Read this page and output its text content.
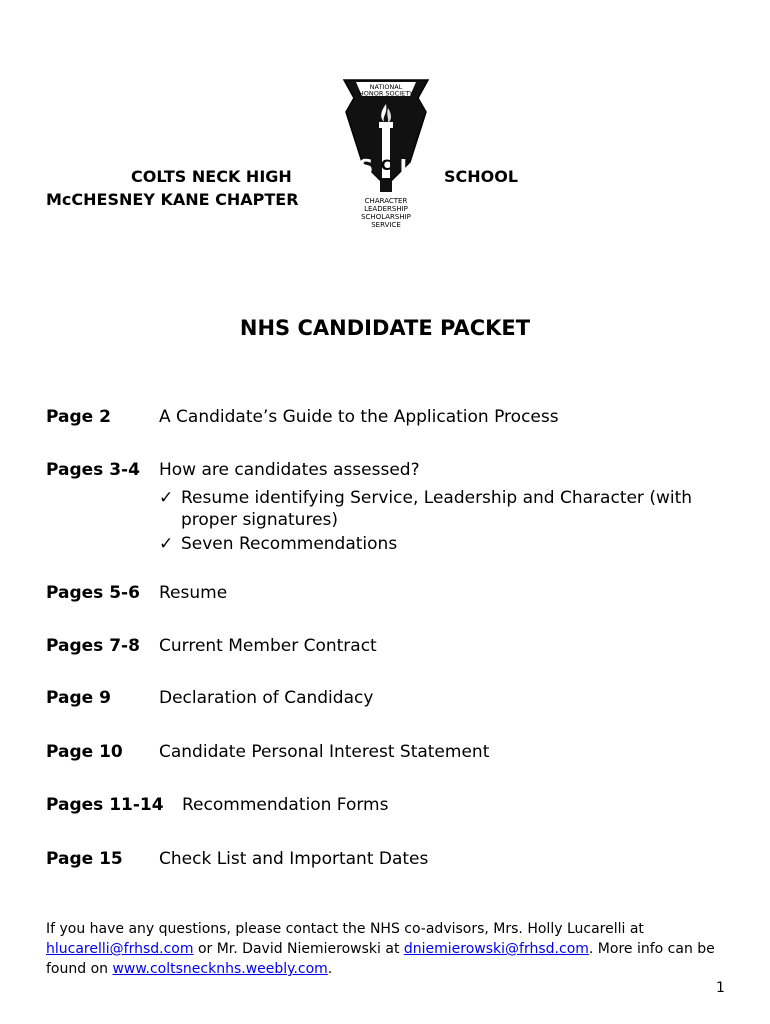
COLTS NECK HIGH	SCHOOL
McCHESNEY KANE CHAPTER
NATIONAL
HONOR SOCIETY
S L
C
CHARACTER
LEADERSHIP
SCHOLARSHIP
SERVICE
NHS CANDIDATE PACKET
Page 2	A Candidate’s Guide to the Application Process
Pages 3-4 How are candidates assessed?
✓ Resume identifying Service, Leadership and Character (with proper signatures)
✓ Seven Recommendations
Pages 5-6 Resume
Pages 7-8 Current Member Contract
Page 9	Declaration of Candidacy
Page 10 Candidate Personal Interest Statement
Pages 11-14 Recommendation Forms
Page 15 Check List and Important Dates
If you have any questions, please contact the NHS co-advisors, Mrs. Holly Lucarelli at
hlucarelli@frhsd.com or Mr. David Niemierowski at dniemierowski@frhsd.com. More info can be found on www.coltsnecknhs.weebly.com.
1
